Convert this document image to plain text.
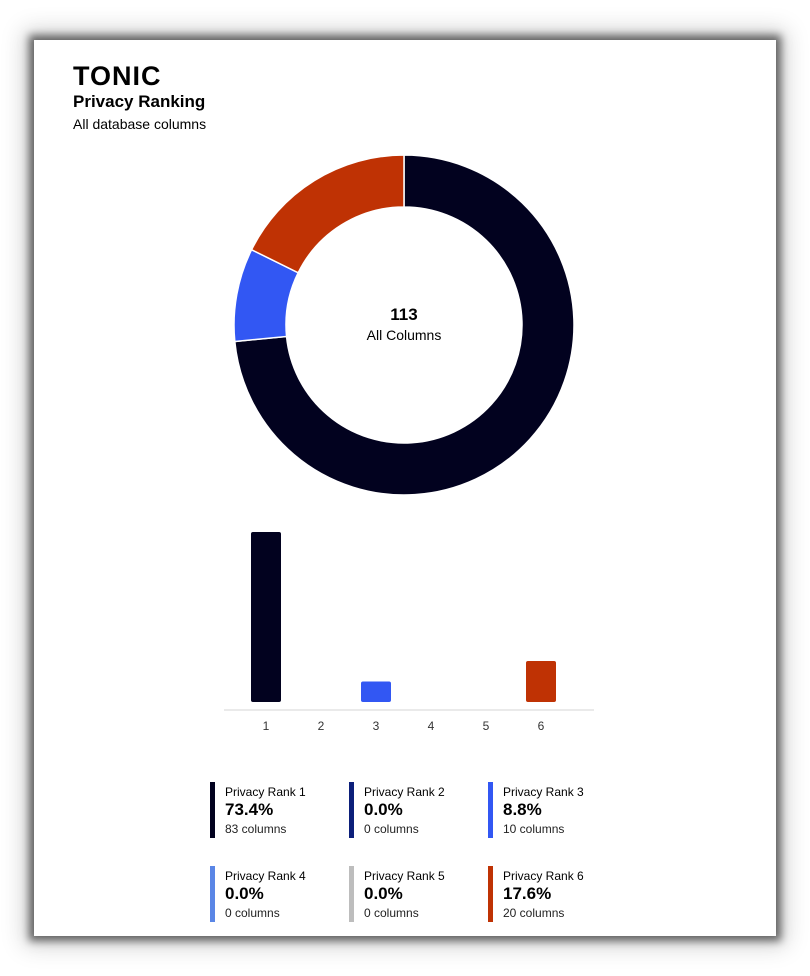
TONIC
Privacy Ranking
All database columns
113
All Columns
1	2	3	4	5	6
Privacy Rank 1
73.4%
83 columns
Privacy Rank 2
0.0%
0 columns
Privacy Rank 3
8.8%
10 columns
Privacy Rank 4
0.0%
0 columns
Privacy Rank 5
0.0%
0 columns
Privacy Rank 6
17.6%
20 columns
